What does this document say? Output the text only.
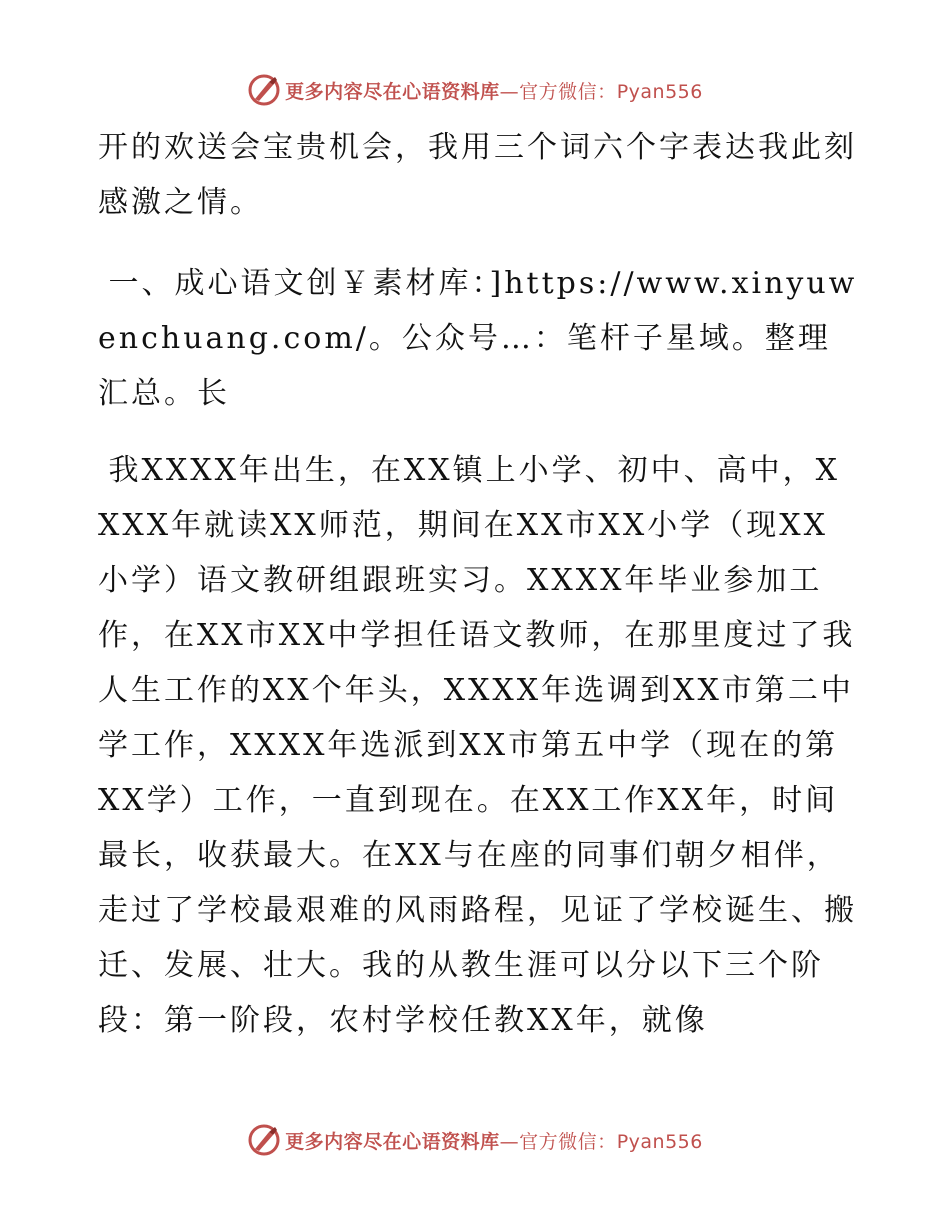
更多内容尽在心语资料库—官方微信：Pyan556

开的欢送会宝贵机会，我用三个词六个字表达我此刻感激之情。

一、成心语文创￥素材库：]https://www.xinyuwenchuang.com/。公众号…：笔杆子星域。整理汇总。长

我XXXX年出生，在XX镇上小学、初中、高中，XXXX年就读XX师范，期间在XX市XX小学（现XX小学）语文教研组跟班实习。XXXX年毕业参加工作，在XX市XX中学担任语文教师，在那里度过了我人生工作的XX个年头，XXXX年选调到XX市第二中学工作，XXXX年选派到XX市第五中学（现在的第XX学）工作，一直到现在。在XX工作XX年，时间最长，收获最大。在XX与在座的同事们朝夕相伴，走过了学校最艰难的风雨路程，见证了学校诞生、搬迁、发展、壮大。我的从教生涯可以分以下三个阶段：第一阶段，农村学校任教XX年，就像

更多内容尽在心语资料库—官方微信：Pyan556
